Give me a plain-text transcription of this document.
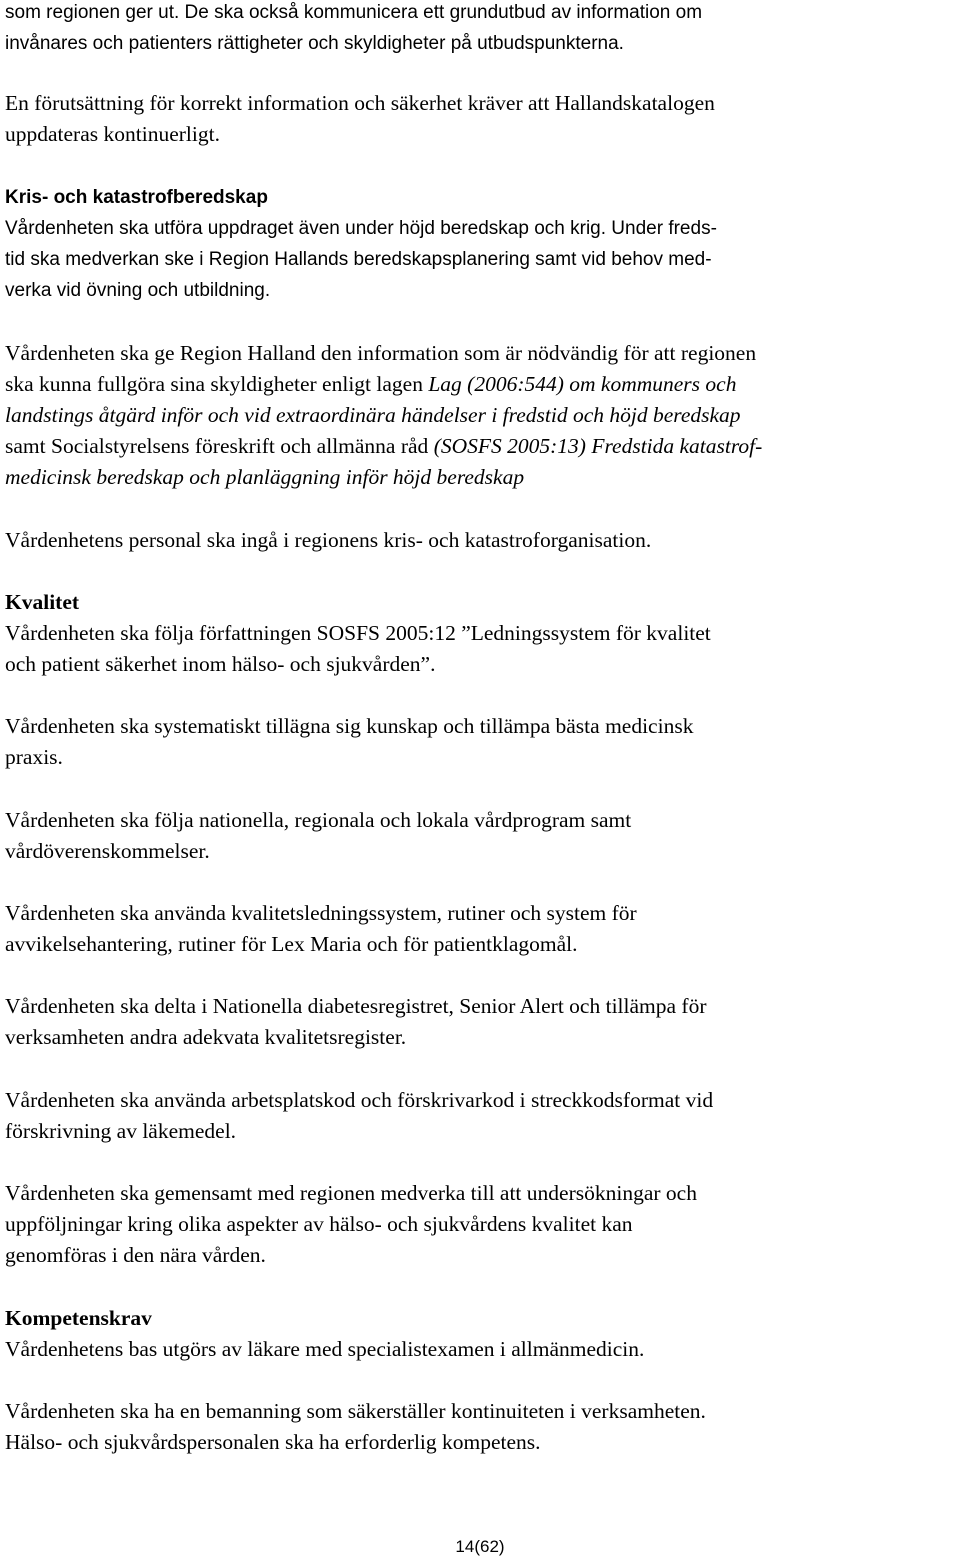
som regionen ger ut. De ska också kommunicera ett grundutbud av information om

invånares och patienters rättigheter och skyldigheter på utbudspunkterna.

En förutsättning för korrekt information och säkerhet kräver att Hallandskatalogen

uppdateras kontinuerligt.

Kris- och katastrofberedskap

Vårdenheten ska utföra uppdraget även under höjd beredskap och krig. Under freds-

tid ska medverkan ske i Region Hallands beredskapsplanering samt vid behov med-

verka vid övning och utbildning.

Vårdenheten ska ge Region Halland den information som är nödvändig för att regionen

ska kunna fullgöra sina skyldigheter enligt lagen Lag (2006:544) om kommuners och

landstings åtgärd inför och vid extraordinära händelser i fredstid och höjd beredskap

samt Socialstyrelsens föreskrift och allmänna råd (SOSFS 2005:13) Fredstida katastrof-

medicinsk beredskap och planläggning inför höjd beredskap

Vårdenhetens personal ska ingå i regionens kris- och katastroforganisation.

Kvalitet

Vårdenheten ska följa författningen SOSFS 2005:12 ”Ledningssystem för kvalitet

och patient säkerhet inom hälso- och sjukvården”.

Vårdenheten ska systematiskt tillägna sig kunskap och tillämpa bästa medicinsk

praxis.

Vårdenheten ska följa nationella, regionala och lokala vårdprogram samt

vårdöverenskommelser.

Vårdenheten ska använda kvalitetsledningssystem, rutiner och system för

avvikelsehantering, rutiner för Lex Maria och för patientklagomål.

Vårdenheten ska delta i Nationella diabetesregistret, Senior Alert och tillämpa för

verksamheten andra adekvata kvalitetsregister.

Vårdenheten ska använda arbetsplatskod och förskrivarkod i streckkodsformat vid

förskrivning av läkemedel.

Vårdenheten ska gemensamt med regionen medverka till att undersökningar och

uppföljningar kring olika aspekter av hälso- och sjukvårdens kvalitet kan

genomföras i den nära vården.

Kompetenskrav

Vårdenhetens bas utgörs av läkare med specialistexamen i allmänmedicin.

Vårdenheten ska ha en bemanning som säkerställer kontinuiteten i verksamheten.

Hälso- och sjukvårdspersonalen ska ha erforderlig kompetens.

14(62)
